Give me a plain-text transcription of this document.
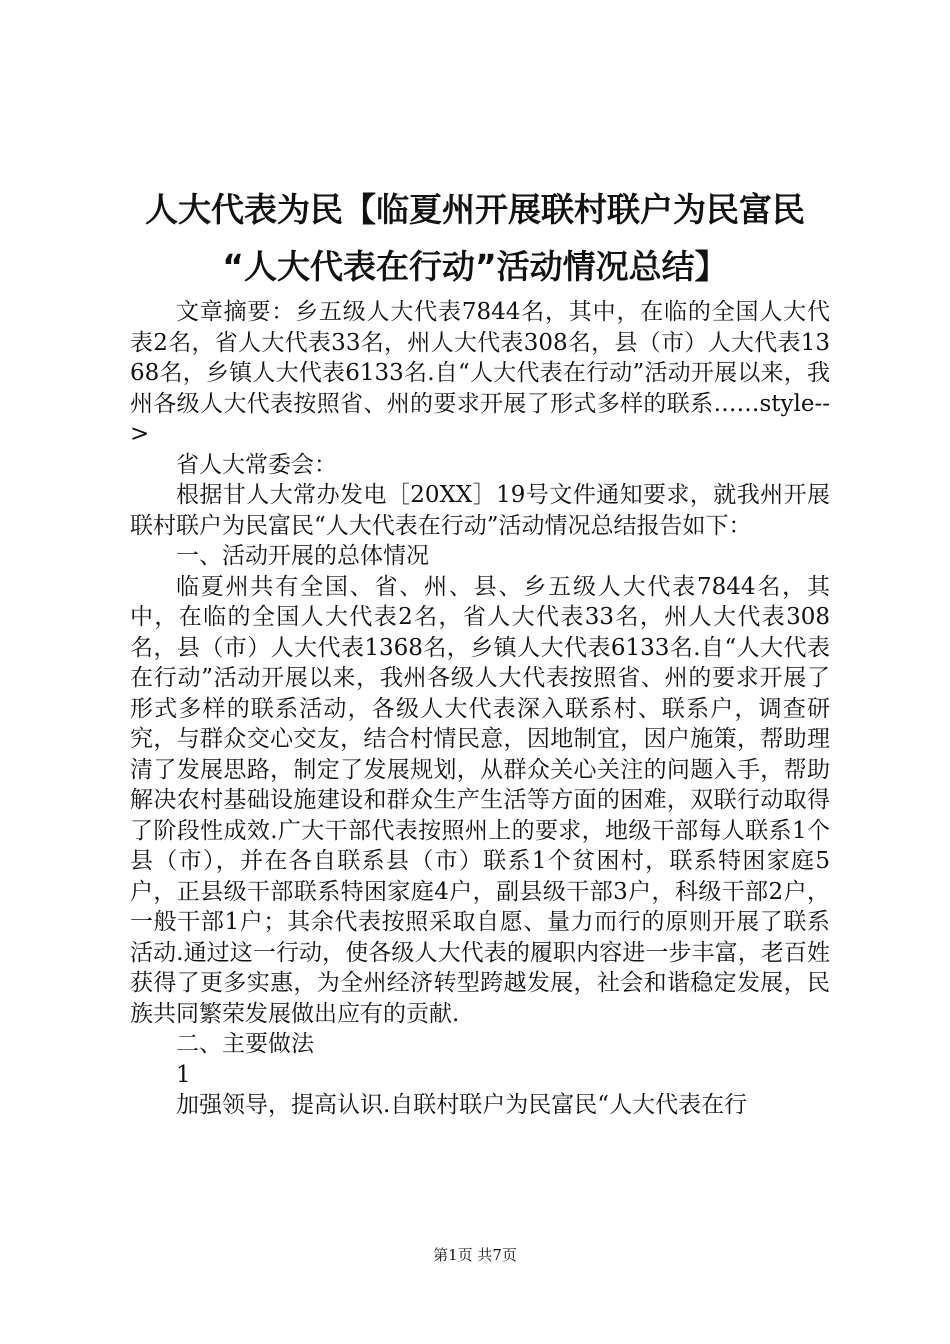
人大代表为民【临夏州开展联村联户为民富民
“人大代表在行动”活动情况总结】

文章摘要：乡五级人大代表7844名，其中，在临的全国人大代表2名，省人大代表33名，州人大代表308名，县（市）人大代表1368名，乡镇人大代表6133名.自“人大代表在行动”活动开展以来，我州各级人大代表按照省、州的要求开展了形式多样的联系……style-->

省人大常委会：

根据甘人大常办发电［20XX］19号文件通知要求，就我州开展联村联户为民富民“人大代表在行动”活动情况总结报告如下：

一、活动开展的总体情况

临夏州共有全国、省、州、县、乡五级人大代表7844名，其中，在临的全国人大代表2名，省人大代表33名，州人大代表308名，县（市）人大代表1368名，乡镇人大代表6133名.自“人大代表在行动”活动开展以来，我州各级人大代表按照省、州的要求开展了形式多样的联系活动，各级人大代表深入联系村、联系户，调查研究，与群众交心交友，结合村情民意，因地制宜，因户施策，帮助理清了发展思路，制定了发展规划，从群众关心关注的问题入手，帮助解决农村基础设施建设和群众生产生活等方面的困难，双联行动取得了阶段性成效.广大干部代表按照州上的要求，地级干部每人联系1个县（市），并在各自联系县（市）联系1个贫困村，联系特困家庭5户，正县级干部联系特困家庭4户，副县级干部3户，科级干部2户，一般干部1户；其余代表按照采取自愿、量力而行的原则开展了联系活动.通过这一行动，使各级人大代表的履职内容进一步丰富，老百姓获得了更多实惠，为全州经济转型跨越发展，社会和谐稳定发展，民族共同繁荣发展做出应有的贡献.

二、主要做法

1

加强领导，提高认识.自联村联户为民富民“人大代表在行

第1页 共7页
